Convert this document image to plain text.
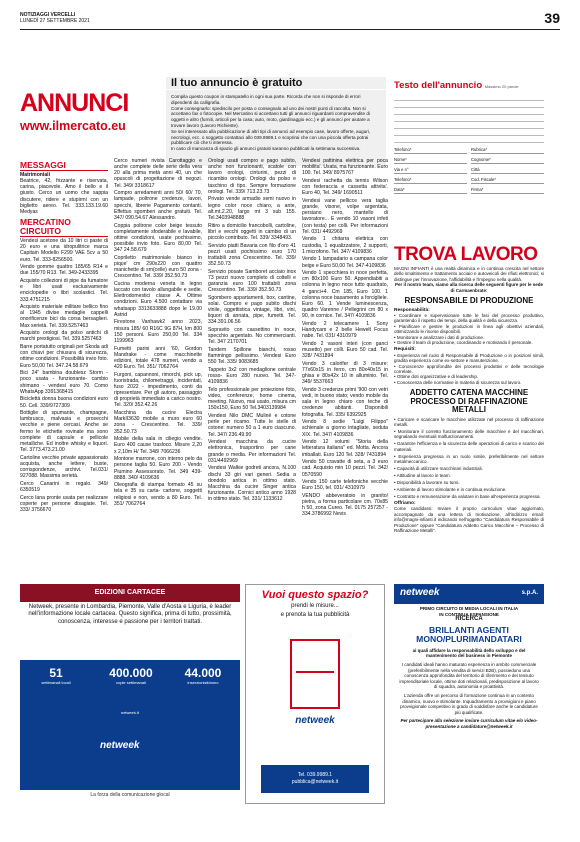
NOTIZIAGGI VERCELLI
LUNEDÌ 27 SETTEMBRE 2021	39
ANNUNCI
www.ilmercato.eu
Il tuo annuncio è gratuito

Compila questo coupon in stampatello in ogni sua parte. Ricorda che non si risponde di errori dipendenti da calligrafia.

Come consegnarlo: spediscilo per posta o consegnalo ad uno dei nostri punti di raccolta. Non si accettano fax o fotocopie. Nel Mercatino si accettano tutti gli annunci riguardanti compravendite di oggetti e altro (furniti, articoli per la casa; auto, moto, giardinaggio ecc.) e gli annunci per aiutare a trovare lavoro (Lavoro Richieste).

Se sei interessato alla pubblicazione di altri tipi di annunci ad esempio case, lavoro offerte, auguri, necrologi, ecc. o soggetto contattaci allo 039.9989.1 e scoprirai che con una piccola offerta potrai pubblicare ciò che ti interessa.

In caso di mancanza di spazio gli annunci gratuiti saranno pubblicati la settimana successiva.

Testo dell'annuncio Massimo 20 parole
Telefono*	Rubrica*
Nome*	Cognome*
Via e n°	Città
Telefono*	Cod. Fiscale*
Data*	Firma*
MESSAGGI
Matrimoniali
Beatrice, 42, frizzante e riservata, carina, piacevole. Amo il bello e il giusto. Cerco un uomo che sappia discutere, ridere e stupirmi con un biglietto aereo. Tel. 333.133.19.60 Medyas
MERCATINO CIRCUITO
Vendesi acetone da 10 litri ci paste di 20 euro e una idropulitrice marca Capitain Modello F299 VAE 5cv a 50 euro. Tel. 333-8256500.
Vendo gomme quattro 185/65 R14 e due 155/70 R13. Tel. 349-2433395
Acquisto collezioni di pipe da fumatore e libri usati esclusivamente enciclopedie o libri scolastici. Tel. 333.4751215
Acquisto materiale militare bellico fino al 1945 divise medaglie cappelli onorificenze bici da corsa bersaglieri. Max serietà. Tel. 339.5257463
Acquisto orologi da polso antichi di marchi prestigiosi. Tel. 339.5257463
Barre portatutto originali per Skoda adi con chiavi per chiusura di sicurezza, ottime condizioni. Possibilità invio foto. Euro 50,00 Tel. 347.24.58.679
Bici 24" bambina doublesz Storm - poco usata - funzionante- cambio shimano - vendesi euro 70. Como WhatsApp 3391368415
Biciclettà donna buona condizioni euro 50. Cell. 339/9727309
Bottiglie di spumante, champagne, lambrusco, malvasia e prosecchi vecchie e piene cercasi. Anche se fermo le etichette rovinate ma sono complete di capsule e pellicole metalliche. Ed inoltre whisky e liquori. Tel. 3773.473.21.00
Cartoline vecchie private appassionato acquista, anche lettere, buste, corrispondenze, archivi. Tel.031/ 927088. Massima serietà.
Cerco Canarini in regalo. 349/ 6350519
Cerco lana pronte usata per realizzare coperte per persone disagiate. Tel. 333/ 3756670
Cerco numeri rivista Carottaggio e anche complete delle serie della vera 20 alla prima metà anni 40, un che opuscoli di progettazione di negozi. Tel. 349/ 3318617
Compro arredamenti anni 50/ 60/ 70, lampade, poltrone credenze, lavori, specchi, librerie Pagamento contanti. Effettuo sgomberi anche gratuiti. Tel. 347/ 090.54.67 Alessandro.
Coppia poltrone color beige tessuto completamente sfoderabile e lavabile, ottime condizioni, usate pochissimo, possibile invio foto. Euro 80,00 Tel. 347 24.58.679
Copriletto matrimoniale bianco in pique' cm 290x220 con quattro manichette di sm(celle) euro 50 zona - Crescentino. Tel. 339/ 352.50.73
Cucina moderna veneta in legno laccato con tavolo allungabile e sedie. Elettrodomestici classe A. Ottime condizioni. Euro 4.500 contattare via whatsapp 3313633888 dopo le 19.00 Astrid
Firestone Vanhawk2 anno 2023, misura 185/ 60 R16C 9G 87H, km 800 150 personi. Euro 250,00 Tel. 334 1199963
Fumetti parini anni '60, Gordon Mandrake - come macchinette edizioni, totale 478 numeri, vendo a 420 Euro. Tel. 351/ 7062764
Furgoni, capannoni, rimorchi, pick up, fuoristrada, chilometraggi, incidentati, fuso 2022 - impedimento, conti da ripresentare. Per gli autoro, passaggio di proprietà immediato a carico nostro. Tel. 320/ 352.42.26
Macchina da cucire Electra MarkII3630 mobile a muro euro 60 zona - Crescentino. Tel. 339/ 352.50.73
Mobile della sala in ciliegio vendite. Euro 400 cause trasloco. Misure 2,20 x 2,10m H/ Tel. 348/ 7066236
Montone marrone, con interno pelo da persone taglia 50. Euro 200 - Vendo Piumino Assessorato. Tel. 349 439-8888. 340/ 4109636
Oleografia di stampa formato 45 su tela e 35 su carta- cartone, soggetti religiosi e non, vendo a 80 Euro. Tel. 351/ 7062764
Orologi usati compro e pago subito, anche non funzionanti, scatole con lavoro orologi, cinturini, pezzi di ricambio orologi. Orologi da polso e taschino di tipo. Sempre formazione orologi. Tel. 339/ 713.23.73
Privato vende armadio semi nuovo in legno color noce chiaro, a ante, alt.mt.2.20, largo mt 3 sub 155. Tel.3403948888
Ritiro a domicilio francobolli, cartoline, libri e vecchi oggetti in cambio di un piccolo contributo. Tel. 339/ 3348493.
Servizio piatti Bavaria con filo d'oro 41 pezzi usati pochissimo euro 170 trattabili zona Crescentino. Tel. 339/ 352.50.73
Servizio posate Samboret acciaio inox 73 pezzi nuovo completo di coltelli e garanzia euro 100 trattabili zona Crescentino. Tel. 339/ 352.50.73
Sgombero appartamenti, box, cantine, solai. Compro e pago subito dischi vinile, oggettistica vintage, libri, vini, liquori di annata, pipe, fumetti. Tel. 334.391.06.56
Sopravito con cassettino in noce, specchio argentato. No commercianti. Tel. 347 2170701
Tandem Spillone bianchi, rosso fiammingo pellissimo. Vendesi Euro 550 Tel. 335/ 9083685
Tappeto 3x2 con medaglione centrale rosso- Euro 280 nuovo. Tel. 347- 4109836
Telo professionale per proiezione foto, video, conferenze, home cinema, meeting. Nuovo, mai usato, misura cm 150x150, Euro 50 Tel.3403139984
Vendesi Nilo DMC Muliné e cotone perle per ricamo. Tutte le stelle di cotone: numero 50 a 1 euro ciascuno. Tel. 347/ 236.49.90
Vendesi macchina da cucire elettronica, trasportino per cane grande o media. Per informazioni Tel. 031/4492969
Vendesi Walkie godreti ancora, N.100 dischi 33 giri vari generi. Sedia a dondolo antica in ottimo stato. Macchina da cucire Singer antica funzionante. Cornici antico anno 1928 in ottimo stato. Tel. 331/ 1133612
Vendesi pattinina elettrica per poca mobilita'. Usata, ma funzionante. Euro 100. Tel. 349/ 8975767
Vendesi rachetta da tennis Wilson con federaccia e cassetta attivita'. Euro 40, Tel. 349/ 1690511
Vendesi vane pellicce vera taglia grande, visone, volpe argentata, persiano nero, mantello di lavoratore... E vendo 10 vasoni infeti (con testa) per colli. Per informazioni Tel. 031/ 4492969
Vendo 1 chitarra elettrica con custodia, 1 equalizzatore, 2 supporti, 1 microfono. Tel. 347/ 4109836
Vendo 1 lampadario a campana color beige e Euro 50,00 Tel. 347-4109836
Vendo 1 specchiera in noce perfetta, cm 80x100 Euro 50. Appendiabiti a colonna in legno noce tutto quadrato, 4 ganci+4. Cm 185, Euro 100. 1 colonna noce basamento a forcigliele. Euro 60. 1 Vende luminescenza, quadro Varenne / Pellegrini cm 80 x 90, in cornice. Tel. 347/ 4109836
Vendo 2 telecamere 1 Sony Handycam e 2 belle Hewelt Focus nabe. Tel. 031/ 4310979
Vendo 2 vasoni interi (con ganci musetto) per colli. Euro 50 cad. Tel. 328/ 7431894
Vendo 3 calorifer di 3 misure: 77x60x15 in ferro, cm 80x40x15 in ghisa e 80x42x 10 in alluminio. Tel. 349/ 5537663
Vendo 3 credenze primi '900 con vetri vedi, in buono stato; vendo mobile da sala in legno chiaro con teche di credenze abitanti. Disponibili fotografia. Tel. 335/ 6392925
Vendo 8 sedie "Luigi Filippo" schienale a giorno intagliate, seduta XIX. Tel. 347/ 4109836
Vendo 12 volumi "Storia della letteratura italiana" ed. Motta. Ancora imballati. Euro 120 Tel. 328/ 7431894
Vendo 50 cravatte di seta, a 3 euro cad. Acquisto min 10 pezzi. Tel. 342/ 0570590
Vendo 150 carte telefoniche vecchie Euro 150, tel. 031/ 4310979
VENDO abbeveratoio in granito/ pietra, a forma particolare cm. 70x85 h 50, zona Cureo. Tel. 0175 257257 - 334.3786992 Nevis
TROVA LAVORO

MAGNI INFIANTI è una realtà dinamica e in continua crescita nel settore dello smaltimento e trattamento acciaio e autoveicoli dei rifiuti elettronici; si distingue per l'innovazione, l'affidabilità e l'impegno nella qualità.

Per il nostro team, siamo alla ricerca delle seguenti figure per le sede di Carmaenbrate:

RESPONSABILE DI PRODUZIONE
Responsabilità:
• Coordinare e supervisionare tutte le fasi del processo produttivo, garantendo il rispetto dei tempi, della qualità e della sicurezza.
• Pianificare e gestire le produzioni in linea agli obiettivi aziendali, ottimizzando le risorse disponibili.
• Monitorare e analizzare i dati di produzione.
• Gestire il team di produzione, coordinando e motivando il personale.
Requisiti:
• Esperienza nel ruolo di Responsabile di Produzione o in posizioni simili, gradita esperienza come ex-settore e manutenzione.
• Conoscenze approfondite dei processi produttivi e delle tecnologie correlate.
• Ottime doti organizzative e di leadership.
• Conoscenza delle normative in materia di sicurezza sul lavoro.
ADDETTO CATENA MACCHINE PROCESSO DI RAFFINAZIONE METALLI
• Caricare e scaricare le macchine utilizzate nel processo di raffinazione metalli.
• Monitorare il corretto funzionamento delle macchine e del macchinari, segnalando eventuali malfunzionamenti.
• Garantire l'efficienza e la sicurezza delle operazioni di carico e scarico dei materiali.
• Esperienza pregressa in un ruolo simile, preferibilmente nel settore metalmeccanico.
• Capacità di utilizzare macchinari industriali.
• Attitudine al lavoro in team.
• Disponibilità a lavorare su turni.
• Ambiente di lavoro stimolante e in continua evoluzione.
• Contratto e remunerazione da valutare in base all'esperienza progressa.
Offriamo:

Come candidarsi: Inviare il proprio curriculum vitae aggiornato, accompagnato da una lettera di motivazione, all'indirizzo email: info@magni-infianti.it indicando nell'oggetto "Candidatura Responsabile di Produzione" oppure "Candidatura Addetto Carico Macchine – Processo di Raffinazione Metalli".

EDIZIONI CARTACEE
Netweek, presente in Lombardia, Piemonte, Valle d'Aosta e Liguria, è leader nell'informazione locale cartacea. Questo significa, prima di tutto, prossimità, conoscenza, interesse e passione per i territori trattati.
51
settimanali locali
400.000
copie settimanali
44.000
inserzionisti/anno
netweek.it
netweek
La forza della comunicazione glocal
Vuoi questo spazio?
prendi le misure...
e prenota la tua pubblicità
netweek
Tel. 039.9989.1
pubblica@netweek.it
netweek	s.p.A.
PRIMO CIRCUITO DI MEDIA LOCALI IN ITALIA
IN CONTINUA ESPANSIONE
RICERCA
BRILLANTI AGENTI MONO/PLURIMANDATARI
ai quali affidare la responsabilità dello sviluppo e del mantenimento del business in Piemonte

I candidati ideali hanno maturato esperienza in ambito commerciale (preferibilmente nella vendita di servizi B2B), possiedono una conoscenza approfondita del territorio di riferimento e dei tessuto imprenditoriale locale, ottime doti relazionali, predisposizione al lavoro di squadra, autonomia e proattività.

L'azienda offre un percorso di formazione continua in un contesto dinamico, nuovo e stimolante. Inquadramento a provvigioni e piano provvigionale competitivo in grado di soddisfare anche le candidature più qualificate.

Per partecipare alla selezione inviare curriculum vitae e/o video-presentazione a candidature@netweek.it
